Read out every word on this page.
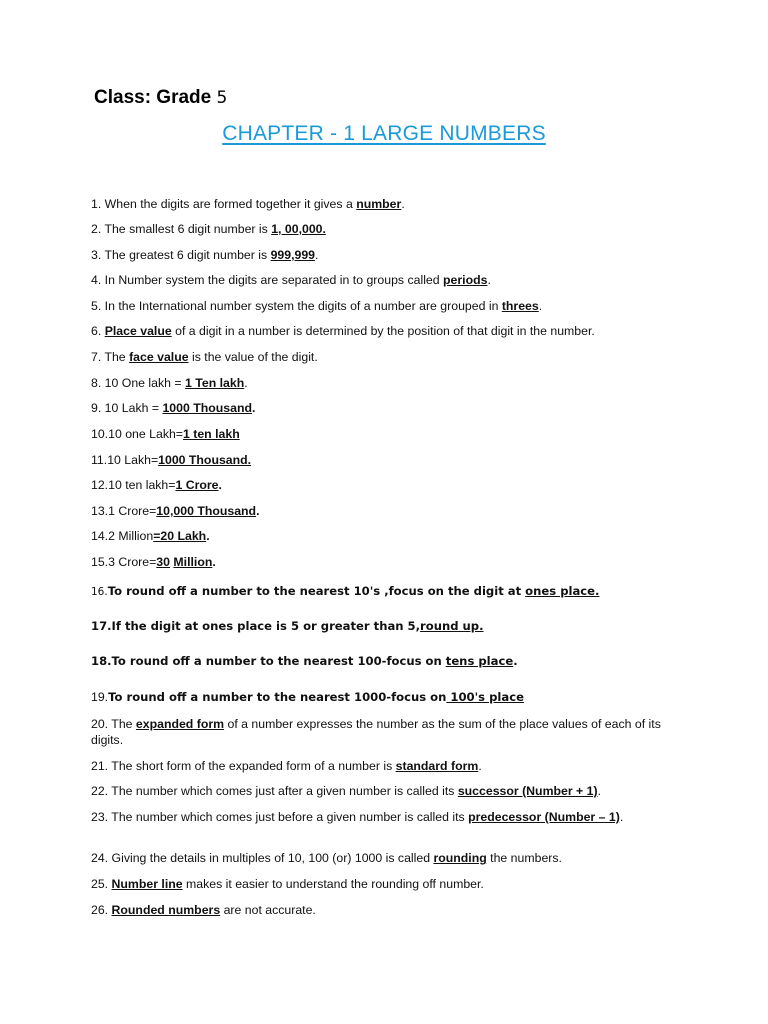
Class: Grade 5
CHAPTER - 1 LARGE NUMBERS
1. When the digits are formed together it gives a number.
2. The smallest 6 digit number is 1, 00,000.
3. The greatest 6 digit number is 999,999.
4. In Number system the digits are separated in to groups called periods.
5. In the International number system the digits of a number are grouped in threes.
6. Place value of a digit in a number is determined by the position of that digit in the number.
7. The face value is the value of the digit.
8. 10 One lakh = 1 Ten lakh.
9. 10 Lakh = 1000 Thousand.
10.10 one Lakh=1 ten lakh
11.10 Lakh=1000 Thousand.
12.10 ten lakh=1 Crore.
13.1 Crore=10,000 Thousand.
14.2 Million=20 Lakh.
15.3 Crore=30 Million.
16.To round off a number to the nearest 10's ,focus on the digit at ones place.
17.If the digit at ones place is 5 or greater than 5,round up.
18.To round off a number to the nearest 100-focus on tens place.
19.To round off a number to the nearest 1000-focus on 100's place
20. The expanded form of a number expresses the number as the sum of the place values of each of its digits.
21. The short form of the expanded form of a number is standard form.
22. The number which comes just after a given number is called its successor (Number + 1).
23. The number which comes just before a given number is called its predecessor (Number – 1).
24. Giving the details in multiples of 10, 100 (or) 1000 is called rounding the numbers.
25. Number line makes it easier to understand the rounding off number.
26. Rounded numbers are not accurate.
